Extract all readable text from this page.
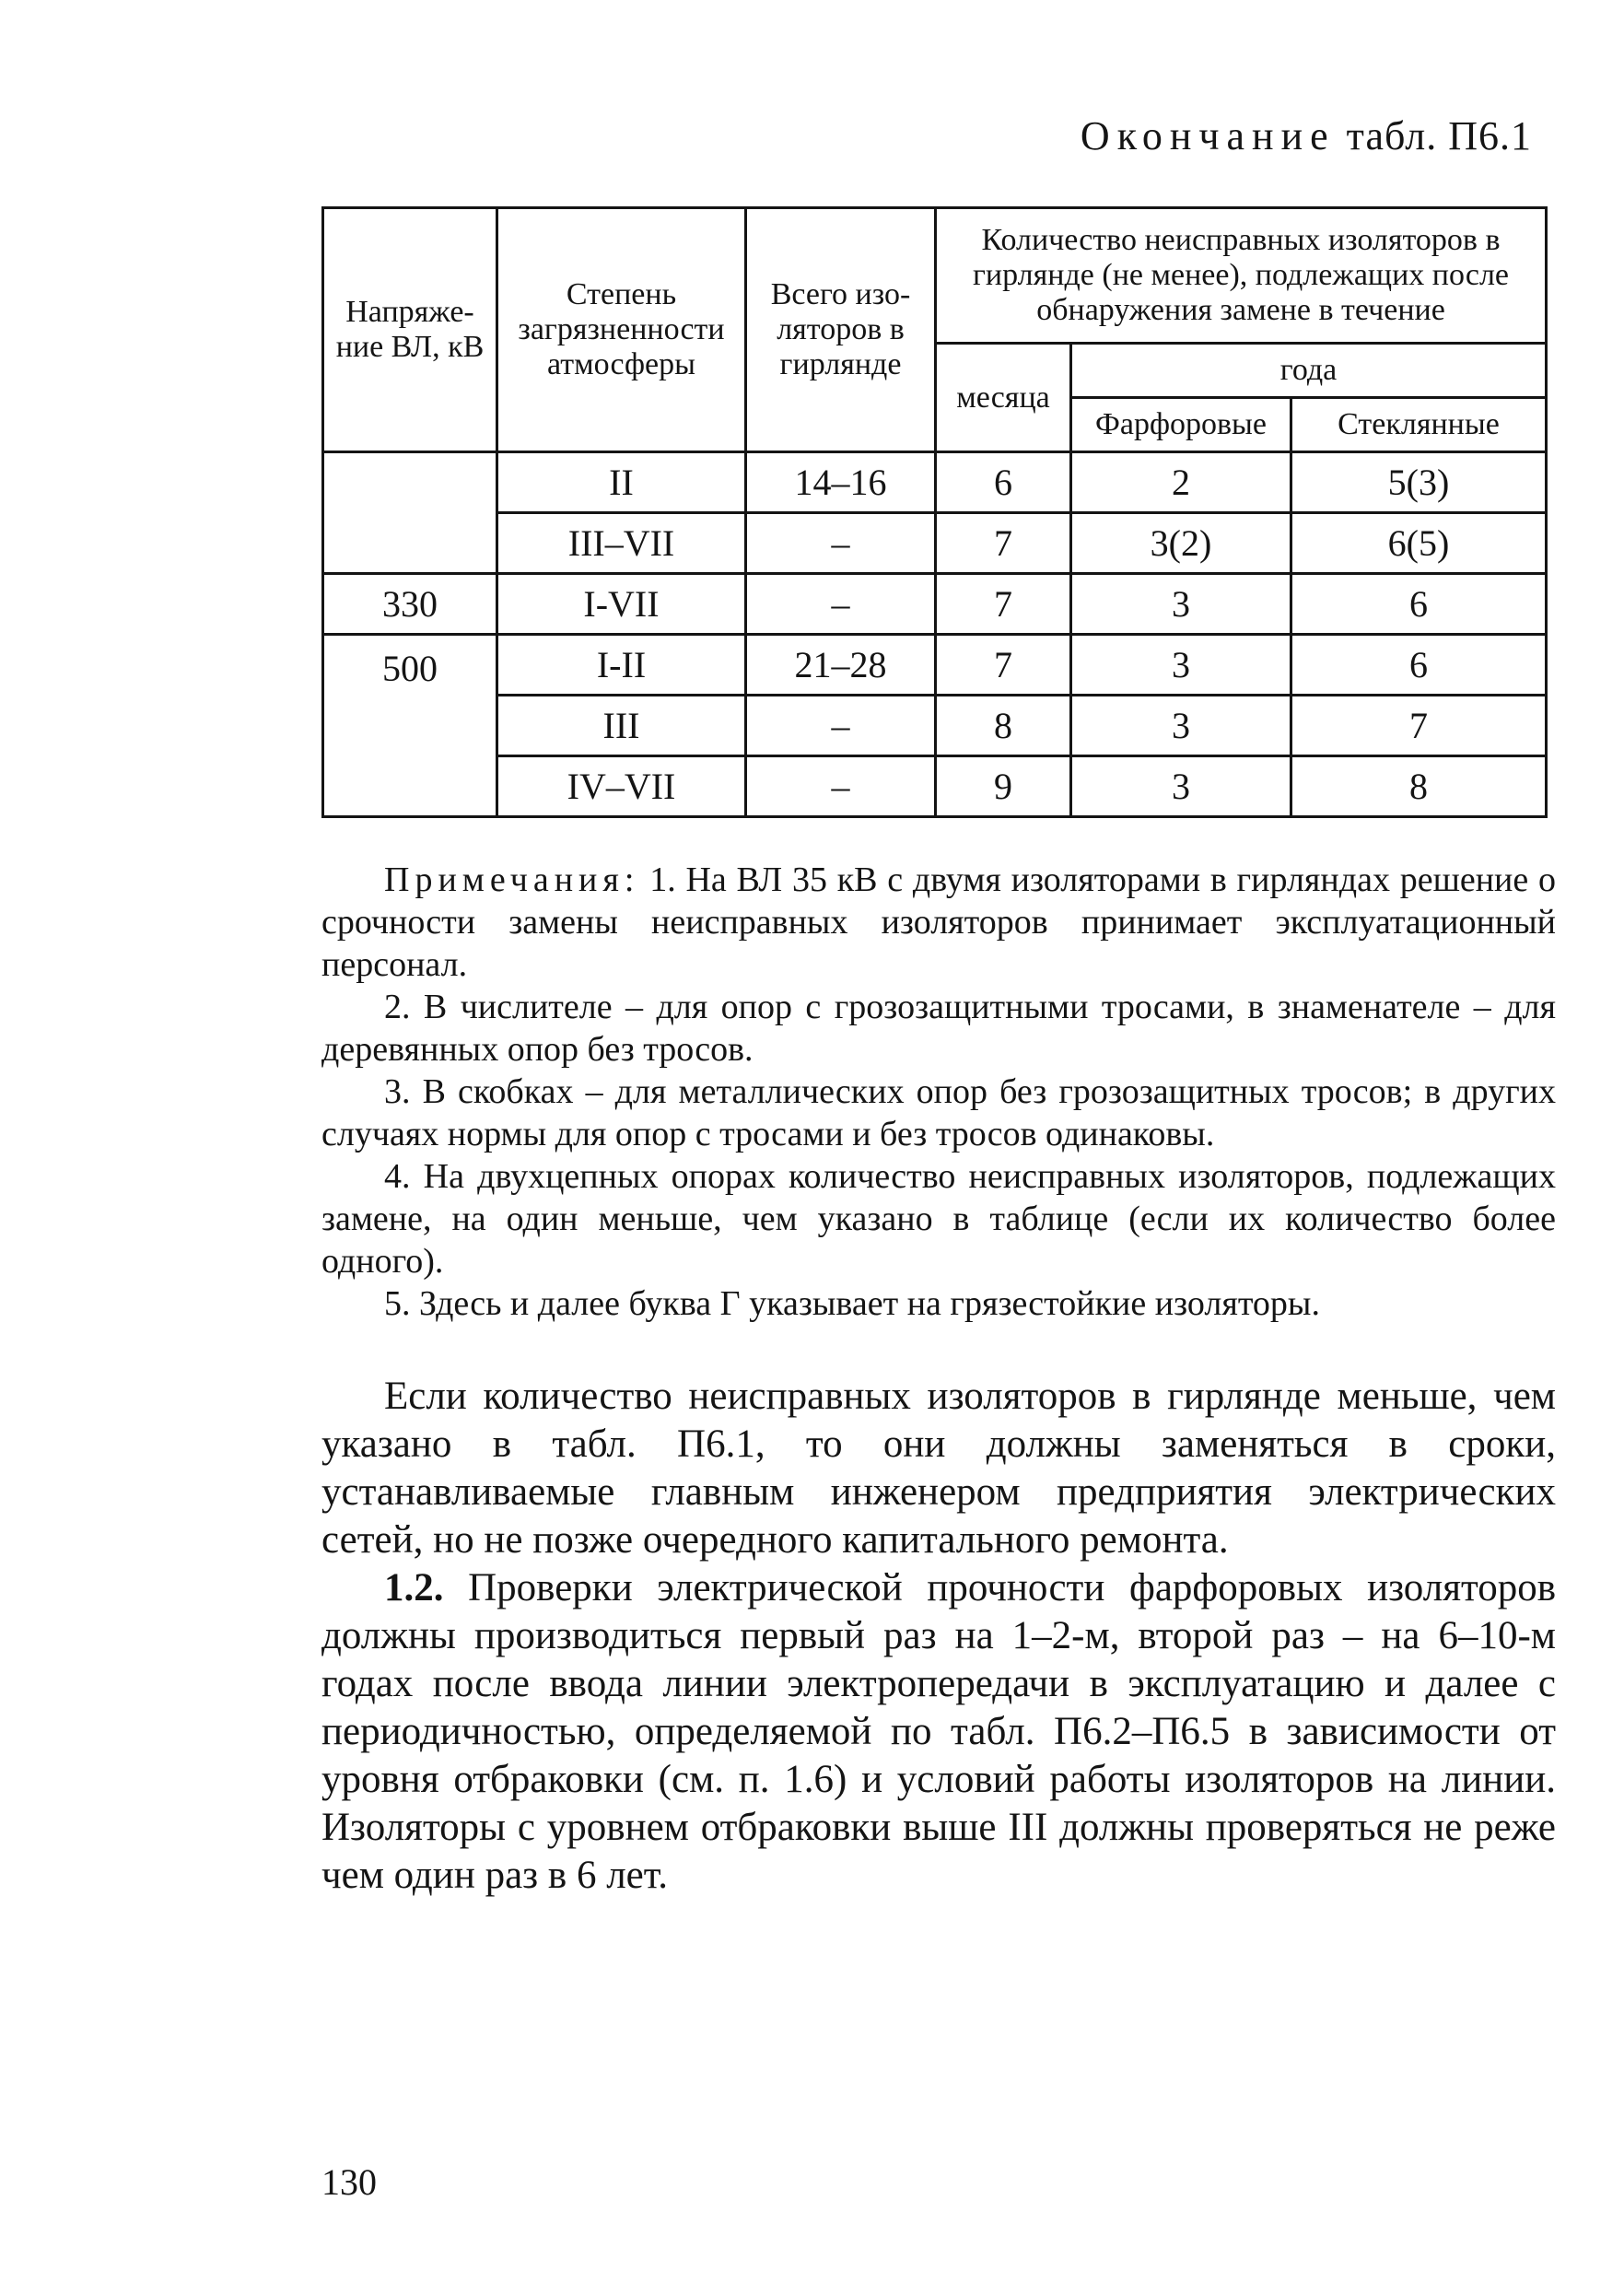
Окончание табл. П6.1
Напряже-ние ВЛ, кВ	Степень загрязненности атмосферы	Всего изо-ляторов в гирлянде	Количество неисправных изоляторов в гирлянде (не менее), подлежащих после обнаружения замене в течение		
			месяца	года	
				Фарфоровые	Стеклянные
	II	14–16	6	2	5(3)
	III–VII	–	7	3(2)	6(5)
330	I-VII	–	7	3	6
500	I-II	21–28	7	3	6
	III	–	8	3	7
	IV–VII	–	9	3	8

Примечания: 1. На ВЛ 35 кВ с двумя изоляторами в гирляндах решение о срочности замены неисправных изоляторов принимает эксплуатационный персонал.

2. В числителе – для опор с грозозащитными тросами, в знаменателе – для деревянных опор без тросов.

3. В скобках – для металлических опор без грозозащитных тросов; в других случаях нормы для опор с тросами и без тросов одинаковы.

4. На двухцепных опорах количество неисправных изоляторов, подлежащих замене, на один меньше, чем указано в таблице (если их количество более одного).

5. Здесь и далее буква Г указывает на грязестойкие изоляторы.

Если количество неисправных изоляторов в гирлянде меньше, чем указано в табл. П6.1, то они должны заменяться в сроки, устанавливаемые главным инженером предприятия электрических сетей, но не позже очередного капитального ремонта.

1.2. Проверки электрической прочности фарфоровых изоляторов должны производиться первый раз на 1–2-м, второй раз – на 6–10-м годах после ввода линии электропередачи в эксплуатацию и далее с периодичностью, определяемой по табл. П6.2–П6.5 в зависимости от уровня отбраковки (см. п. 1.6) и условий работы изоляторов на линии. Изоляторы с уровнем отбраковки выше III должны проверяться не реже чем один раз в 6 лет.

130
